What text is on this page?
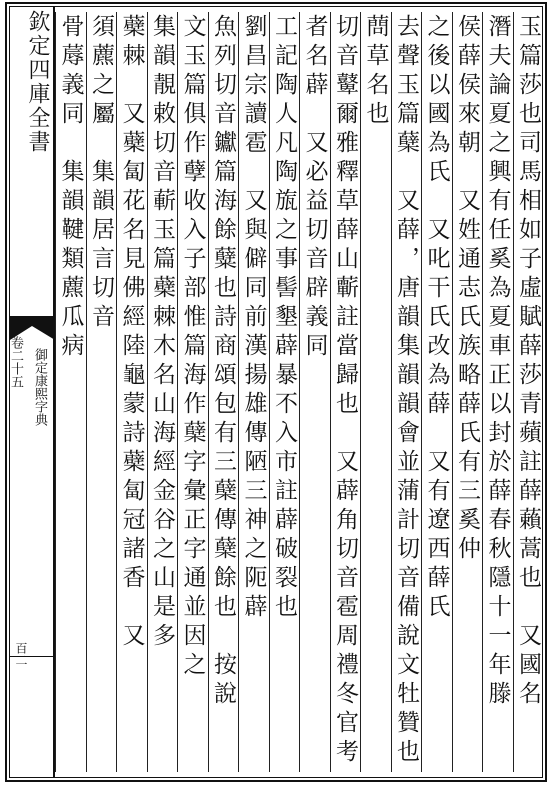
欽定四庫全書
御定康熙字典
卷二十五
百二	玉篇莎也司馬相如子虛賦薛莎青蘋註薛藾蒿也　又國名
潛夫論夏之興有任奚為夏車正以封於薛春秋隱十一年滕
侯薛侯來朝　又姓通志氏族略薛氏有三奚仲
之後以國為氏　又叱干氏改為薛　又有遼西薛氏
去聲玉篇蘖　又薛，唐韻集韻韻會並蒲計切音備說文牡贊也
蔄草名也
切音鼙爾雅釋草薛山蘄註當歸也　又薜角切音雹周禮冬官考
者名薜　又必益切音辟義同
工記陶人凡陶旊之事髻墾薜暴不入市註薜破裂也　
劉昌宗讀雹　又與僻同前漢揚雄傳陋三神之阨薜
魚列切音钀篇海餘糵也詩商頌包有三蘖傳蘖餘也　按說
文玉篇俱作孽收入子部惟篇海作蘖字彙正字通並因之
集韻靚敕切音蔪玉篇蘗棘木名山海經金谷之山是多
蘗棘　又蘗匐花名見佛經陸龜蒙詩蘗匐冠諸香　又
須藨之屬　集韻居言切音
骨蓐義同　集韻鞬類藨瓜病
